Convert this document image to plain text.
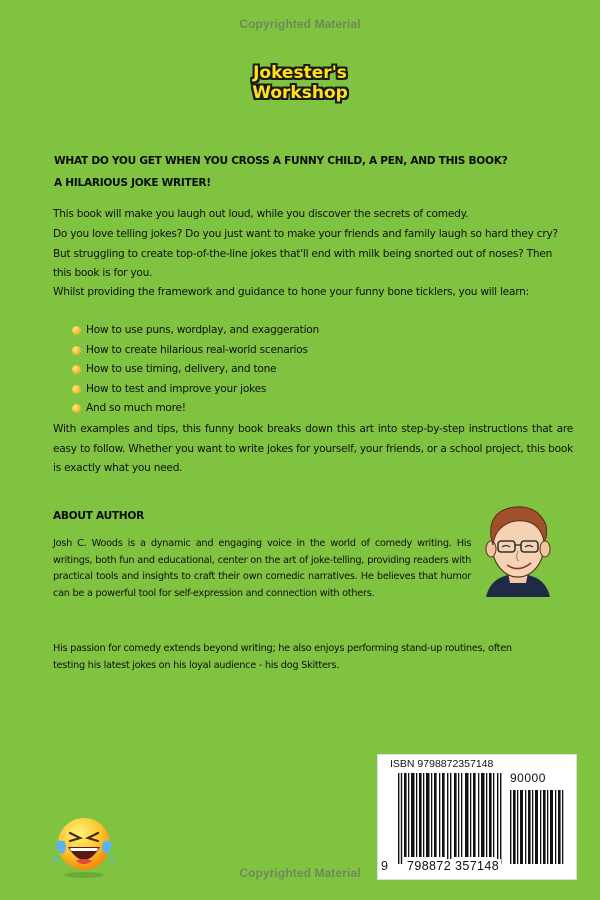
Copyrighted Material
Jokester's
Workshop
WHAT DO YOU GET WHEN YOU CROSS A FUNNY CHILD, A PEN, AND THIS BOOK?
A HILARIOUS JOKE WRITER!
This book will make you laugh out loud, while you discover the secrets of comedy.
Do you love telling jokes? Do you just want to make your friends and family laugh so hard they cry? But struggling to create top-of-the-line jokes that'll end with milk being snorted out of noses? Then this book is for you.
Whilst providing the framework and guidance to hone your funny bone ticklers, you will learn:
How to use puns, wordplay, and exaggeration
How to create hilarious real-world scenarios
How to use timing, delivery, and tone
How to test and improve your jokes
And so much more!
With examples and tips, this funny book breaks down this art into step-by-step instructions that are easy to follow. Whether you want to write jokes for yourself, your friends, or a school project, this book is exactly what you need.
ABOUT AUTHOR
Josh C. Woods is a dynamic and engaging voice in the world of comedy writing. His writings, both fun and educational, center on the art of joke-telling, providing readers with practical tools and insights to craft their own comedic narratives. He believes that humor can be a powerful tool for self-expression and connection with others.
His passion for comedy extends beyond writing; he also enjoys performing stand-up routines, often testing his latest jokes on his loyal audience - his dog Skitters.
ISBN 9798872357148
90000
9 798872 357148
Copyrighted Material
